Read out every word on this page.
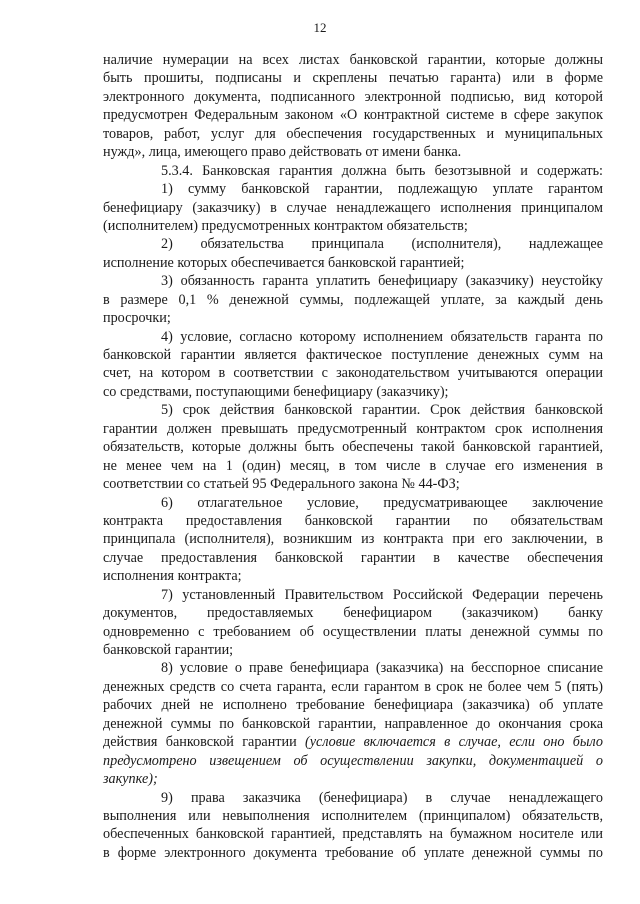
12
наличие нумерации на всех листах банковской гарантии, которые должны
быть прошиты, подписаны и скреплены печатью гаранта) или в форме
электронного документа, подписанного электронной подписью, вид которой
предусмотрен Федеральным законом «О контрактной системе в сфере закупок
товаров, работ, услуг для обеспечения государственных и муниципальных
нужд», лица, имеющего право действовать от имени банка.
5.3.4. Банковская гарантия должна быть безотзывной и содержать:
1) сумму банковской гарантии, подлежащую уплате гарантом
бенефициару (заказчику) в случае ненадлежащего исполнения принципалом
(исполнителем) предусмотренных контрактом обязательств;
2) обязательства принципала (исполнителя), надлежащее
исполнение которых обеспечивается банковской гарантией;
3) обязанность гаранта уплатить бенефициару (заказчику) неустойку
в размере 0,1 % денежной суммы, подлежащей уплате, за каждый день
просрочки;
4) условие, согласно которому исполнением обязательств гаранта по
банковской гарантии является фактическое поступление денежных сумм на
счет, на котором в соответствии с законодательством учитываются операции
со средствами, поступающими бенефициару (заказчику);
5) срок действия банковской гарантии. Срок действия банковской
гарантии должен превышать предусмотренный контрактом срок исполнения
обязательств, которые должны быть обеспечены такой банковской гарантией,
не менее чем на 1 (один) месяц, в том числе в случае его изменения в
соответствии со статьей 95 Федерального закона № 44-ФЗ;
6) отлагательное условие, предусматривающее заключение
контракта предоставления банковской гарантии по обязательствам
принципала (исполнителя), возникшим из контракта при его заключении, в
случае предоставления банковской гарантии в качестве обеспечения
исполнения контракта;
7) установленный Правительством Российской Федерации перечень
документов, предоставляемых бенефициаром (заказчиком) банку
одновременно с требованием об осуществлении платы денежной суммы по
банковской гарантии;
8) условие о праве бенефициара (заказчика) на бесспорное списание
денежных средств со счета гаранта, если гарантом в срок не более чем 5 (пять)
рабочих дней не исполнено требование бенефициара (заказчика) об уплате
денежной суммы по банковской гарантии, направленное до окончания срока
действия банковской гарантии (условие включается в случае, если оно было
предусмотрено извещением об осуществлении закупки, документацией о
закупке);
9) права заказчика (бенефициара) в случае ненадлежащего
выполнения или невыполнения исполнителем (принципалом) обязательств,
обеспеченных банковской гарантией, представлять на бумажном носителе или
в форме электронного документа требование об уплате денежной суммы по
